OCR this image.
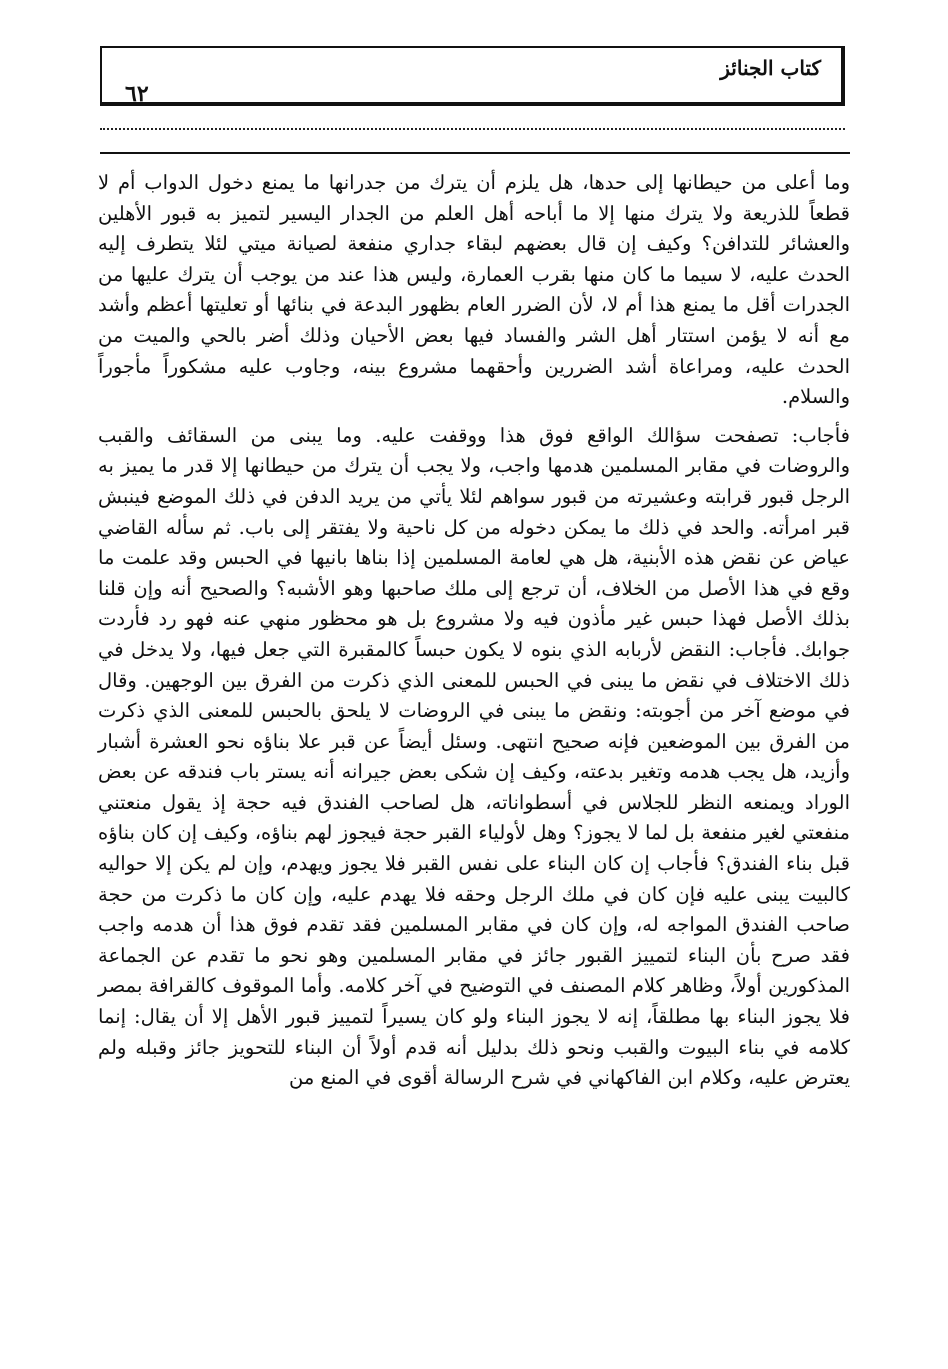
كتاب الجنائز
٦٢

وما أعلى من حيطانها إلى حدها، هل يلزم أن يترك من جدرانها ما يمنع دخول الدواب أم لا قطعاً للذريعة ولا يترك منها إلا ما أباحه أهل العلم من الجدار اليسير لتميز به قبور الأهلين والعشائر للتدافن؟ وكيف إن قال بعضهم لبقاء جداري منفعة لصيانة ميتي لئلا يتطرف إليه الحدث عليه، لا سيما ما كان منها بقرب العمارة، وليس هذا عند من يوجب أن يترك عليها من الجدرات أقل ما يمنع هذا أم لا، لأن الضرر العام بظهور البدعة في بنائها أو تعليتها أعظم وأشد مع أنه لا يؤمن استتار أهل الشر والفساد فيها بعض الأحيان وذلك أضر بالحي والميت من الحدث عليه، ومراعاة أشد الضررين وأحقهما مشروع بينه، وجاوب عليه مشكوراً مأجوراً والسلام.

فأجاب: تصفحت سؤالك الواقع فوق هذا ووقفت عليه. وما يبنى من السقائف والقبب والروضات في مقابر المسلمين هدمها واجب، ولا يجب أن يترك من حيطانها إلا قدر ما يميز به الرجل قبور قرابته وعشيرته من قبور سواهم لئلا يأتي من يريد الدفن في ذلك الموضع فينبش قبر امرأته. والحد في ذلك ما يمكن دخوله من كل ناحية ولا يفتقر إلى باب. ثم سأله القاضي عياض عن نقض هذه الأبنية، هل هي لعامة المسلمين إذا بناها بانيها في الحبس وقد علمت ما وقع في هذا الأصل من الخلاف، أن ترجع إلى ملك صاحبها وهو الأشبه؟ والصحيح أنه وإن قلنا بذلك الأصل فهذا حبس غير مأذون فيه ولا مشروع بل هو محظور منهي عنه فهو رد فأردت جوابك. فأجاب: النقض لأربابه الذي بنوه لا يكون حبساً كالمقبرة التي جعل فيها، ولا يدخل في ذلك الاختلاف في نقض ما يبنى في الحبس للمعنى الذي ذكرت من الفرق بين الوجهين. وقال في موضع آخر من أجوبته: ونقض ما يبنى في الروضات لا يلحق بالحبس للمعنى الذي ذكرت من الفرق بين الموضعين فإنه صحيح انتهى. وسئل أيضاً عن قبر علا بناؤه نحو العشرة أشبار وأزيد، هل يجب هدمه وتغير بدعته، وكيف إن شكى بعض جيرانه أنه يستر باب فندقه عن بعض الوراد ويمنعه النظر للجلاس في أسطواناته، هل لصاحب الفندق فيه حجة إذ يقول منعتني منفعتي لغير منفعة بل لما لا يجوز؟ وهل لأولياء القبر حجة فيجوز لهم بناؤه، وكيف إن كان بناؤه قبل بناء الفندق؟ فأجاب إن كان البناء على نفس القبر فلا يجوز ويهدم، وإن لم يكن إلا حواليه كالبيت يبنى عليه فإن كان في ملك الرجل وحقه فلا يهدم عليه، وإن كان ما ذكرت من حجة صاحب الفندق المواجه له، وإن كان في مقابر المسلمين فقد تقدم فوق هذا أن هدمه واجب فقد صرح بأن البناء لتمييز القبور جائز في مقابر المسلمين وهو نحو ما تقدم عن الجماعة المذكورين أولاً، وظاهر كلام المصنف في التوضيح في آخر كلامه. وأما الموقوف كالقرافة بمصر فلا يجوز البناء بها مطلقاً، إنه لا يجوز البناء ولو كان يسيراً لتمييز قبور الأهل إلا أن يقال: إنما كلامه في بناء البيوت والقبب ونحو ذلك بدليل أنه قدم أولاً أن البناء للتحويز جائز وقبله ولم يعترض عليه، وكلام ابن الفاكهاني في شرح الرسالة أقوى في المنع من
